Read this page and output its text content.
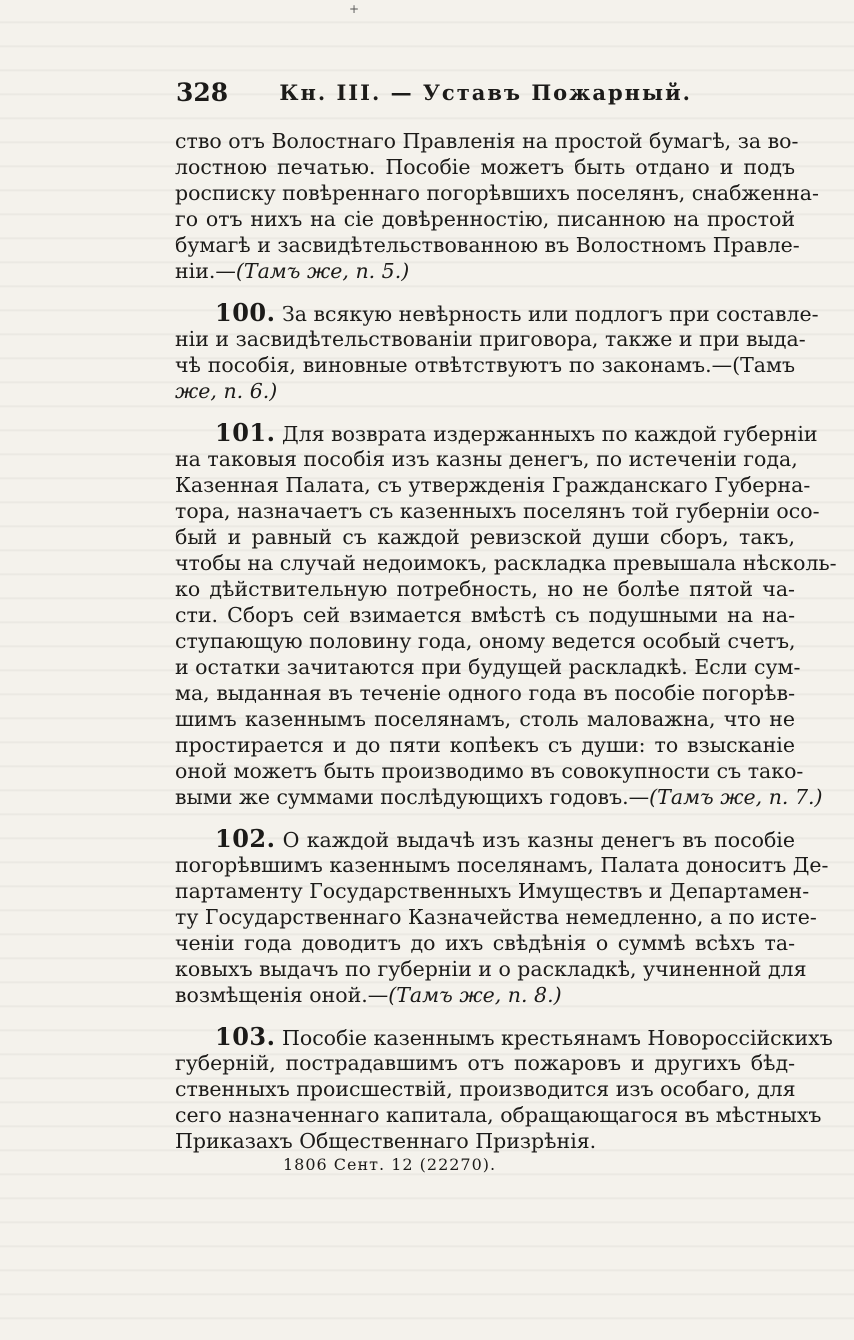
+
328 Кн. III. — Уставъ Пожарный.
ство отъ Волостнаго Правленія на простой бумагѣ, за во-
лостною печатью. Пособіе можетъ быть отдано и подъ
росписку повѣреннаго погорѣвшихъ поселянъ, снабженна-
го отъ нихъ на сіе довѣренностію, писанною на простой
бумагѣ и засвидѣтельствованною въ Волостномъ Правле-
ніи.—(Тамъ же, п. 5.)
100. За всякую невѣрность или подлогъ при составле-
ніи и засвидѣтельствованіи приговора, также и при выда-
чѣ пособія, виновные отвѣтствуютъ по законамъ.—(Тамъ
же, п. 6.)
101. Для возврата издержанныхъ по каждой губерніи
на таковыя пособія изъ казны денегъ, по истеченіи года,
Казенная Палата, съ утвержденія Гражданскаго Губерна-
тора, назначаетъ съ казенныхъ поселянъ той губерніи осо-
бый и равный съ каждой ревизской души сборъ, такъ,
чтобы на случай недоимокъ, раскладка превышала нѣсколь-
ко дѣйствительную потребность, но не болѣе пятой ча-
сти. Сборъ сей взимается вмѣстѣ съ подушными на на-
ступающую половину года, оному ведется особый счетъ,
и остатки зачитаются при будущей раскладкѣ. Если сум-
ма, выданная въ теченіе одного года въ пособіе погорѣв-
шимъ казеннымъ поселянамъ, столь маловажна, что не
простирается и до пяти копѣекъ съ души: то взысканіе
оной можетъ быть производимо въ совокупности съ тако-
выми же суммами послѣдующихъ годовъ.—(Тамъ же, п. 7.)
102. О каждой выдачѣ изъ казны денегъ въ пособіе
погорѣвшимъ казеннымъ поселянамъ, Палата доноситъ Де-
партаменту Государственныхъ Имуществъ и Департамен-
ту Государственнаго Казначейства немедленно, а по исте-
ченіи года доводитъ до ихъ свѣдѣнія о суммѣ всѣхъ та-
ковыхъ выдачъ по губерніи и о раскладкѣ, учиненной для
возмѣщенія оной.—(Тамъ же, п. 8.)
103. Пособіе казеннымъ крестьянамъ Новороссійскихъ
губерній, пострадавшимъ отъ пожаровъ и другихъ бѣд-
ственныхъ происшествій, производится изъ особаго, для
сего назначеннаго капитала, обращающагося въ мѣстныхъ
Приказахъ Общественнаго Призрѣнія.
1806 Сент. 12 (22270).
